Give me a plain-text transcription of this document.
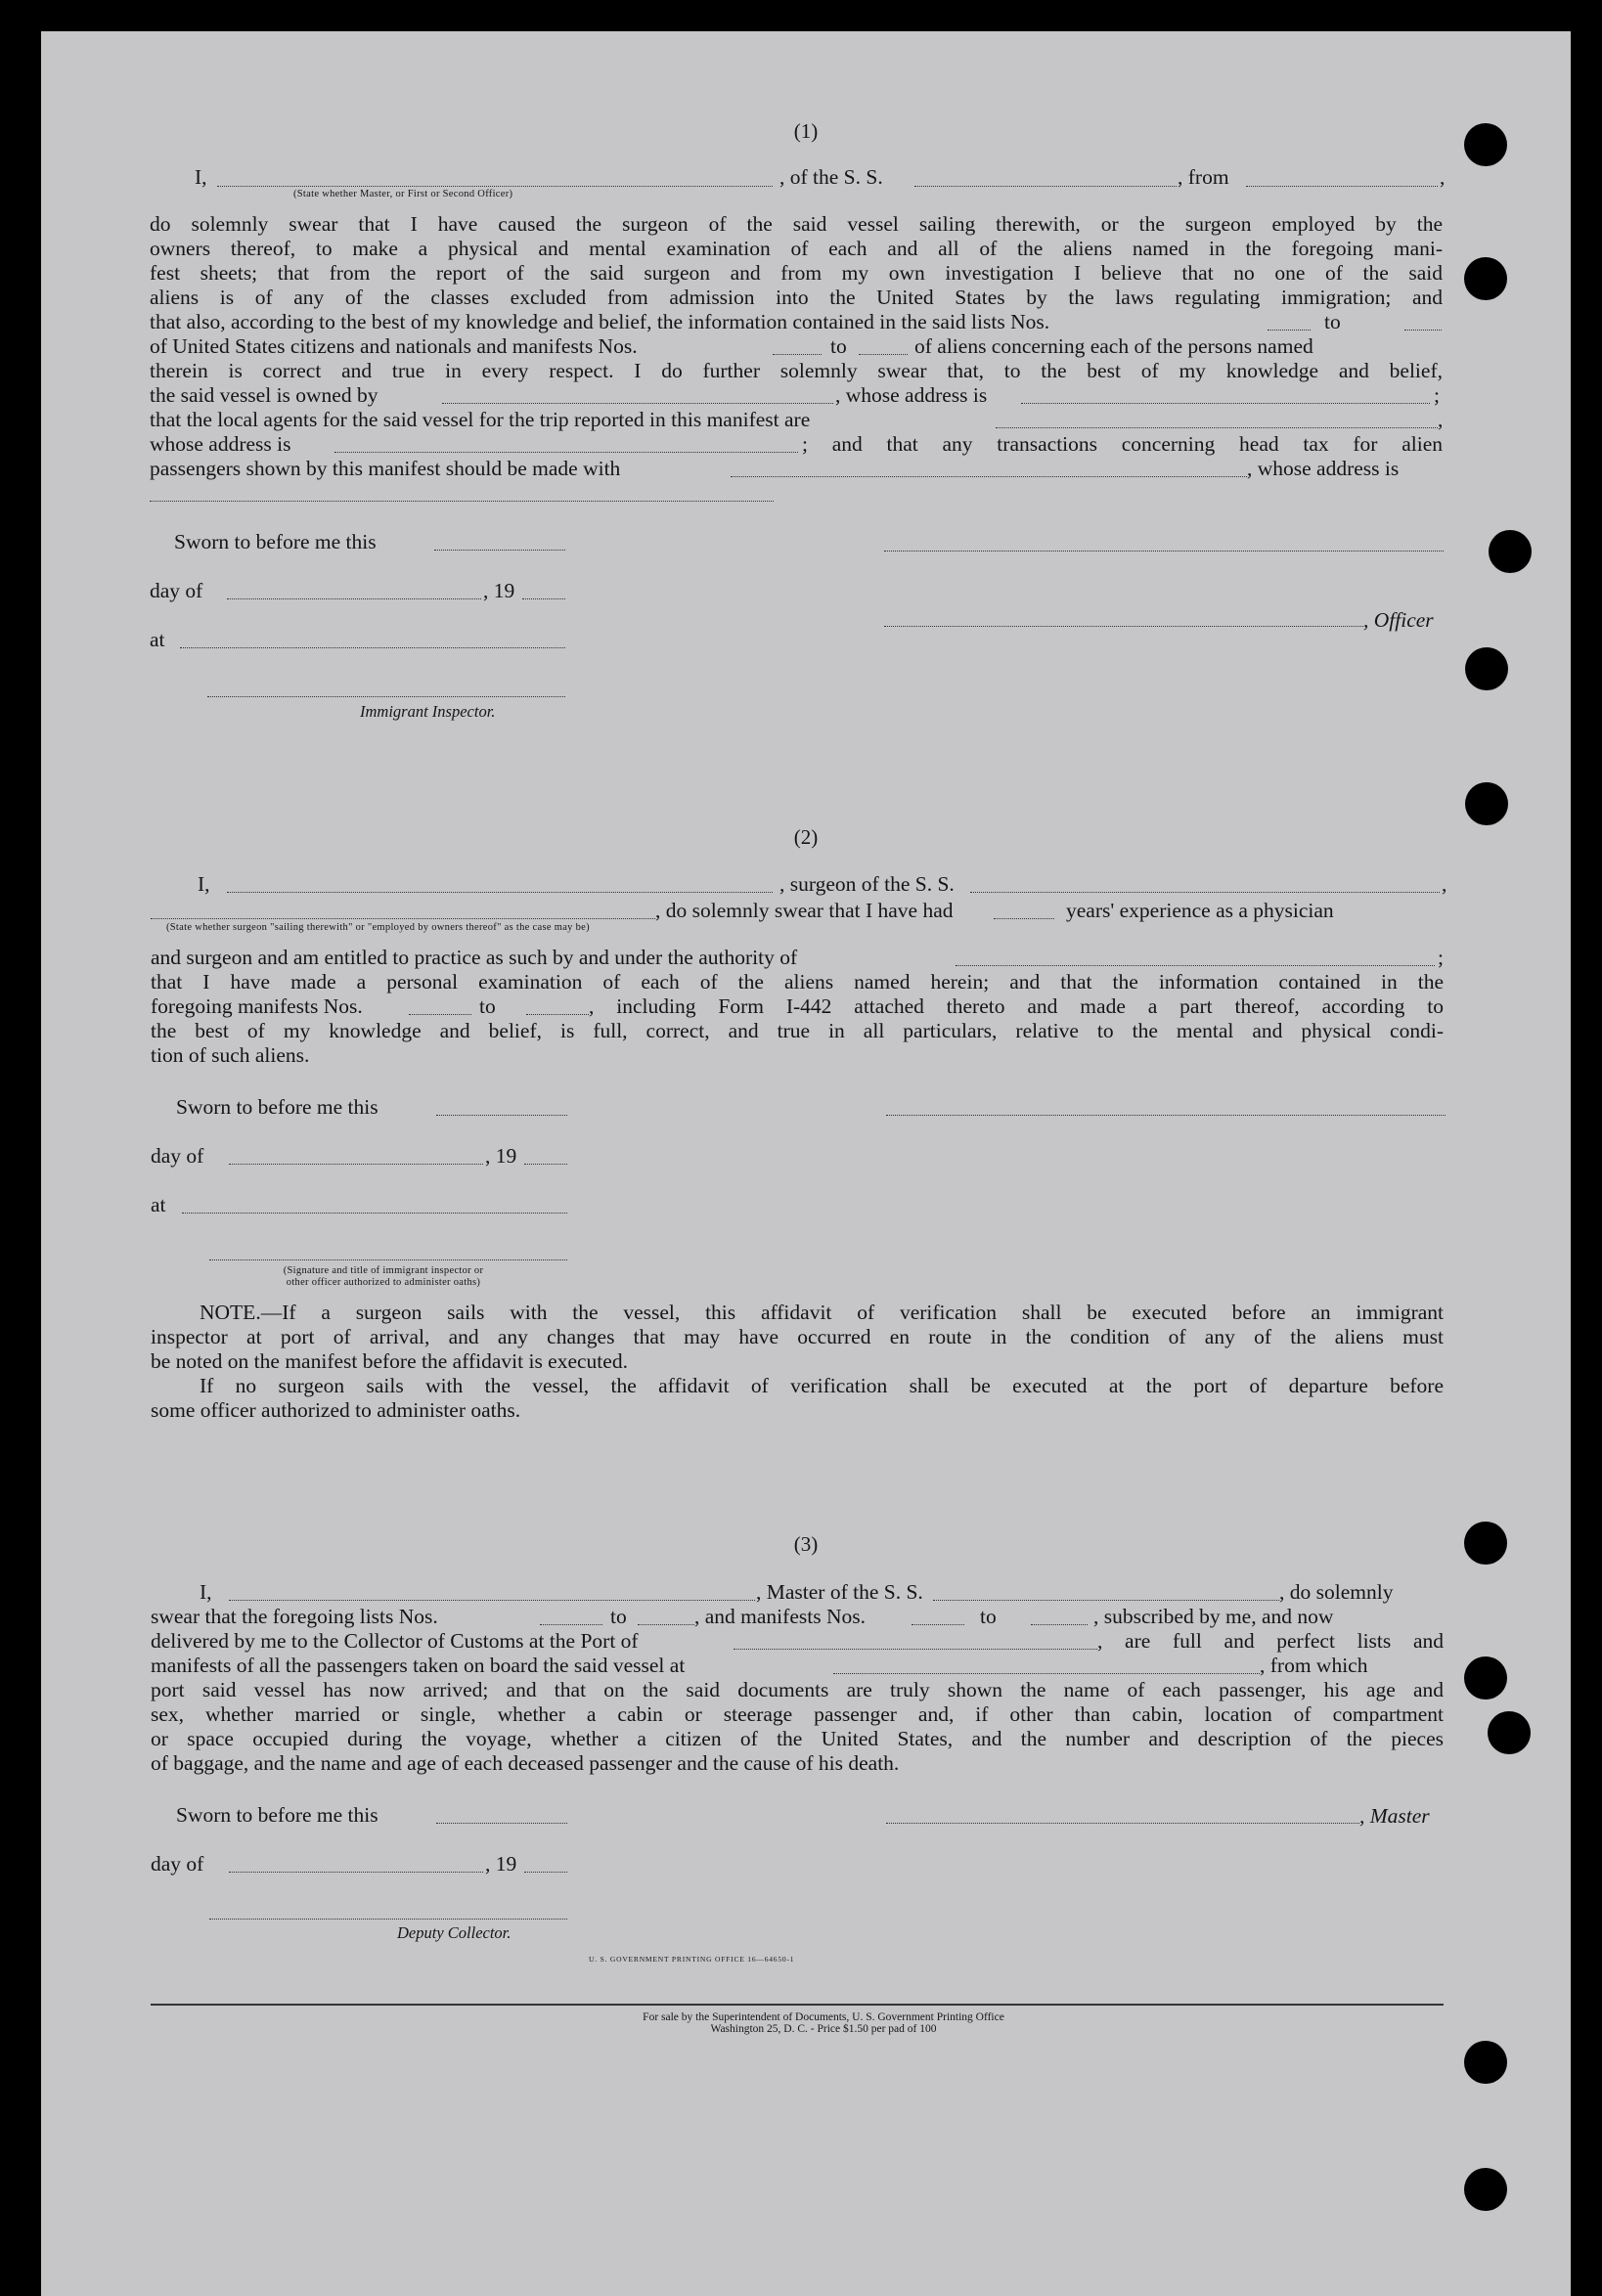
(1)
I,
(State whether Master, or First or Second Officer)
, of the S. S.	, from	,
do solemnly swear that I have caused the surgeon of the said vessel sailing therewith, or the surgeon employed by the
owners thereof, to make a physical and mental examination of each and all of the aliens named in the foregoing mani-
fest sheets; that from the report of the said surgeon and from my own investigation I believe that no one of the said
aliens is of any of the classes excluded from admission into the United States by the laws regulating immigration; and
that also, according to the best of my knowledge and belief, the information contained in the said lists Nos.	to
of United States citizens and nationals and manifests Nos.	to	of aliens concerning each of the persons named
therein is correct and true in every respect. I do further solemnly swear that, to the best of my knowledge and belief,
the said vessel is owned by	, whose address is	;
that the local agents for the said vessel for the trip reported in this manifest are	,
whose address is	; and that any transactions concerning head tax for alien
passengers shown by this manifest should be made with	, whose address is
Sworn to before me this
day of	, 19
, Officer
at
Immigrant Inspector.
(2)
I,	, surgeon of the S. S.	,
, do solemnly swear that I have had	years' experience as a physician
(State whether surgeon "sailing therewith" or "employed by owners thereof" as the case may be)
and surgeon and am entitled to practice as such by and under the authority of	;
that I have made a personal examination of each of the aliens named herein; and that the information contained in the
foregoing manifests Nos.	to	, including Form I-442 attached thereto and made a part thereof, according to
the best of my knowledge and belief, is full, correct, and true in all particulars, relative to the mental and physical condi-
tion of such aliens.
Sworn to before me this
day of	, 19
at
(Signature and title of immigrant inspector or
other officer authorized to administer oaths)
NOTE.—If a surgeon sails with the vessel, this affidavit of verification shall be executed before an immigrant
inspector at port of arrival, and any changes that may have occurred en route in the condition of any of the aliens must
be noted on the manifest before the affidavit is executed.
If no surgeon sails with the vessel, the affidavit of verification shall be executed at the port of departure before
some officer authorized to administer oaths.
(3)
I,	, Master of the S. S.	, do solemnly
swear that the foregoing lists Nos.	to	, and manifests Nos.	to	, subscribed by me, and now
delivered by me to the Collector of Customs at the Port of	, are full and perfect lists and
manifests of all the passengers taken on board the said vessel at	, from which
port said vessel has now arrived; and that on the said documents are truly shown the name of each passenger, his age and
sex, whether married or single, whether a cabin or steerage passenger and, if other than cabin, location of compartment
or space occupied during the voyage, whether a citizen of the United States, and the number and description of the pieces
of baggage, and the name and age of each deceased passenger and the cause of his death.
Sworn to before me this	, Master
day of	, 19
Deputy Collector.
U. S. GOVERNMENT PRINTING OFFICE 16—64650-1
For sale by the Superintendent of Documents, U. S. Government Printing Office
Washington 25, D. C. - Price $1.50 per pad of 100
